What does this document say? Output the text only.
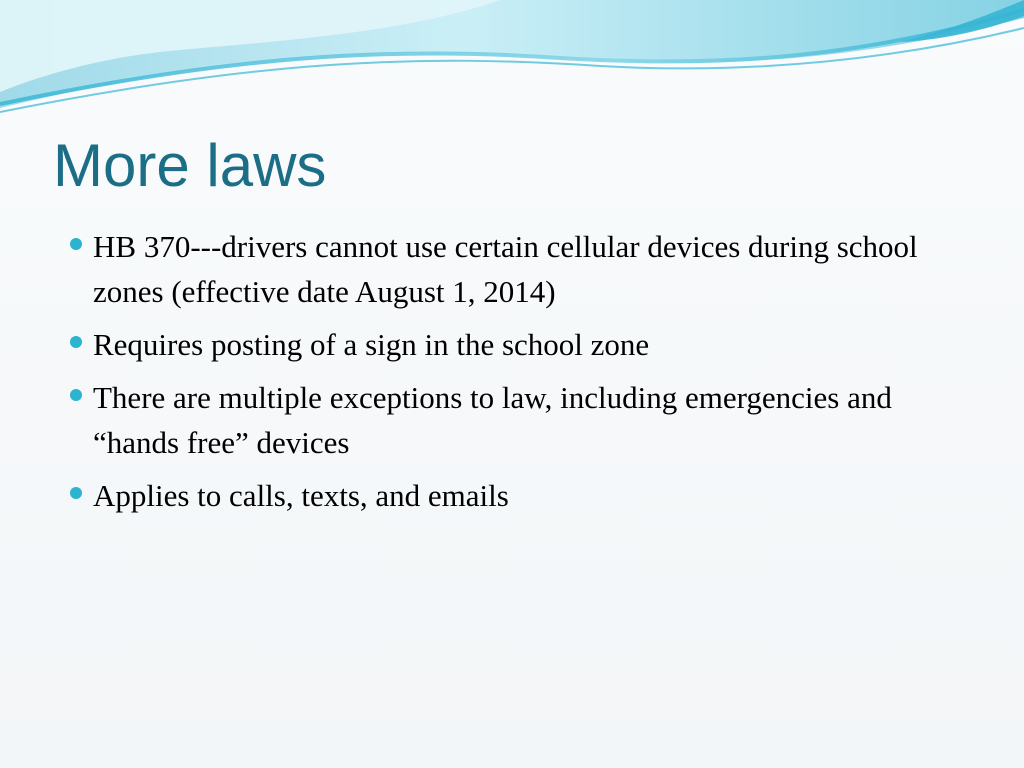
More laws
HB 370---drivers cannot use certain cellular devices during school zones (effective date August 1, 2014)
Requires posting of a sign in the school zone
There are multiple exceptions to law, including emergencies and “hands free” devices
Applies to calls, texts, and emails
